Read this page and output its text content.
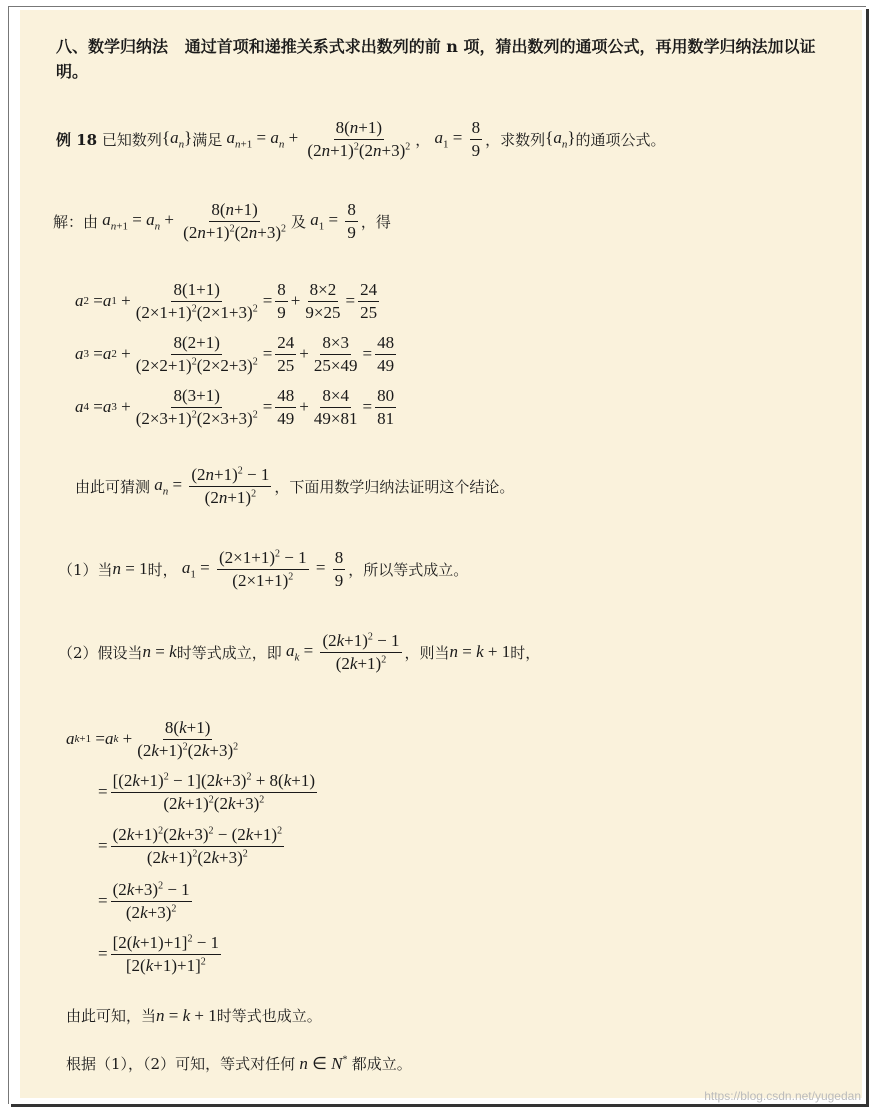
八、数学归纳法 通过首项和递推关系式求出数列的前 n 项，猜出数列的通项公式，再用数学归纳法加以证明。
例 18
已知数列 $\{a_n\}$ 满足 $a_{n+1} = a_n + \frac{8(n+1)}{(2n+1)^2(2n+3)^2}$ ， $a_1 = \frac{8}{9}$ ，求数列 $\{a_n\}$ 的通项公式。
解：由 $a_{n+1} = a_n + \frac{8(n+1)}{(2n+1)^2(2n+3)^2}$ 及 $a_1 = \frac{8}{9}$ ，得
a 2 = a $1 + \frac{8(1+1)}{(2\times 1+1)^2(2\times 1+3)^2} = \frac{8}{9} + \frac{8\times 2}{9\times 25} = \frac{24}{25}$
a 3 = a $2 + \frac{8(2+1)}{(2\times 2+1)^2(2\times 2+3)^2} = \frac{24}{25} + \frac{8\times 3}{25\times 49} = \frac{48}{49}$
a 4 = a $3 + \frac{8(3+1)}{(2\times 3+1)^2(2\times 3+3)^2} = \frac{48}{49} + \frac{8\times 4}{49\times 81} = \frac{80}{81}$
由此可猜测 $a_n = \frac{(2n+1)^2 - 1}{(2n+1)^2}$ ，下面用数学归纳法证明这个结论。
（1）当 n = 1 时， $a_1 = \frac{(2\times 1+1)^2 - 1}{(2\times 1+1)^2} = \frac{8}{9}$ ，所以等式成立。
（2）假设当 n = k 时等式成立，即 $a_k = \frac{(2k+1)^2 - 1}{(2k+1)^2}$ ，则当 n = k + 1 时，
a k+1 = a $k + \frac{8(k+1)}{(2k+1)^2(2k+3)^2}$
= $\frac{[(2k+1)^2 - 1](2k+3)^2 + 8(k+1)}{(2k+1)^2(2k+3)^2}$
= $\frac{(2k+1)^2(2k+3)^2 - (2k+1)^2}{(2k+1)^2(2k+3)^2}$
= $\frac{(2k+3)^2 - 1}{(2k+3)^2}$
= $\frac{[2(k+1)+1]^2 - 1}{[2(k+1)+1]^2}$
由此可知，当 n = k + 1 时等式也成立。
根据（1），（2）可知，等式对任何 n ∈ N* 都成立。
https://blog.csdn.net/yugedan
